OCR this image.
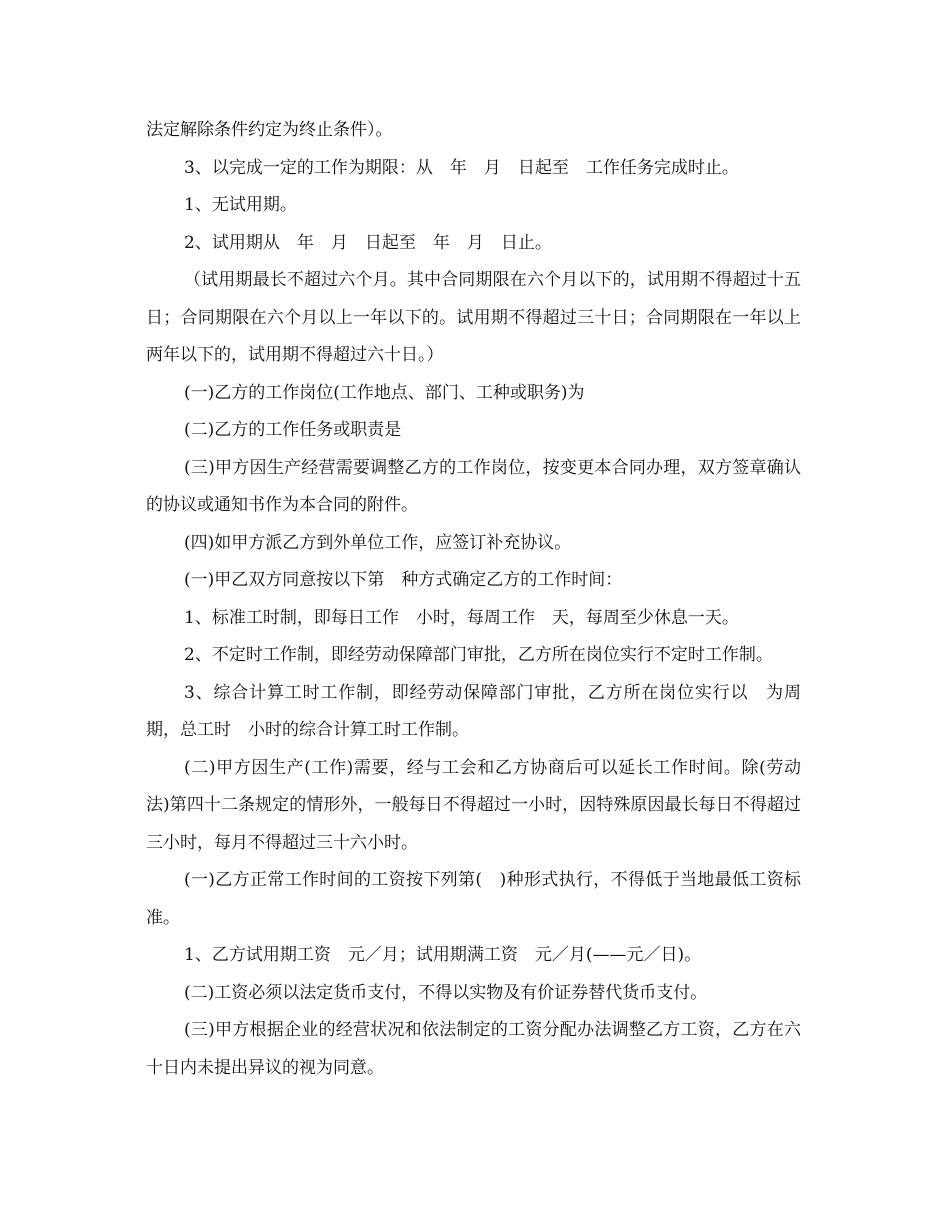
法定解除条件约定为终止条件）。

3、以完成一定的工作为期限：从　年　月　日起至　工作任务完成时止。

1、无试用期。

2、试用期从　年　月　日起至　年　月　日止。

（试用期最长不超过六个月。其中合同期限在六个月以下的，试用期不得超过十五日；合同期限在六个月以上一年以下的。试用期不得超过三十日；合同期限在一年以上两年以下的，试用期不得超过六十日。）

(一)乙方的工作岗位(工作地点、部门、工种或职务)为

(二)乙方的工作任务或职责是

(三)甲方因生产经营需要调整乙方的工作岗位，按变更本合同办理，双方签章确认的协议或通知书作为本合同的附件。

(四)如甲方派乙方到外单位工作，应签订补充协议。

(一)甲乙双方同意按以下第　种方式确定乙方的工作时间：

1、标准工时制，即每日工作　小时，每周工作　天，每周至少休息一天。

2、不定时工作制，即经劳动保障部门审批，乙方所在岗位实行不定时工作制。

3、综合计算工时工作制，即经劳动保障部门审批，乙方所在岗位实行以　为周期，总工时　小时的综合计算工时工作制。

(二)甲方因生产(工作)需要，经与工会和乙方协商后可以延长工作时间。除(劳动法)第四十二条规定的情形外，一般每日不得超过一小时，因特殊原因最长每日不得超过三小时，每月不得超过三十六小时。

(一)乙方正常工作时间的工资按下列第(　)种形式执行，不得低于当地最低工资标准。

1、乙方试用期工资　元／月；试用期满工资　元／月(——元／日)。

(二)工资必须以法定货币支付，不得以实物及有价证券替代货币支付。

(三)甲方根据企业的经营状况和依法制定的工资分配办法调整乙方工资，乙方在六十日内未提出异议的视为同意。
